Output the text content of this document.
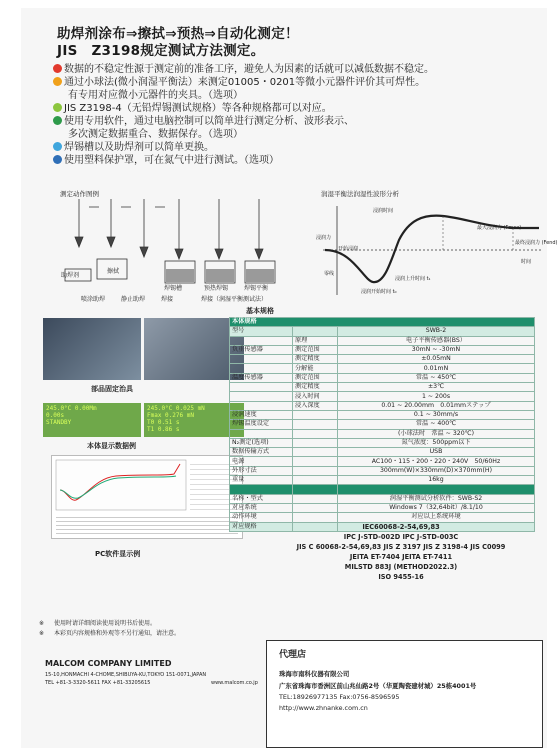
助焊剂涂布⇒擦拭⇒预热⇒自动化测定！
JIS　Z3198规定测试方法测定。
数据的不稳定性源于测定前的准备工序，避免人为因素的话就可以减低数据不稳定。
通过小球法(微小润湿平衡法）来测定01005・0201等微小元器件评价其可焊性。
有专用对应微小元器件的夹具。（选项）
JIS Z3198-4（无铅焊锡测试规格）等各种规格都可以对应。
使用专用软件，通过电脑控制可以简单进行测定分析、波形表示、
多次测定数据重合、数据保存。（选项）
焊锡槽以及助焊剂可以简单更换。
使用塑料保护罩，可在氮气中进行测试。（选项）
测定动作图例
助焊剂
擦拭
焊锡槽	预热焊锡	焊锡平衡
喷涂助焊	静止助焊	焊接	焊接（润湿平衡测试法）
润湿平衡法润湿性波形分析
浸润时间
最大浸润力 (Fmax)
最终浸润力 (Fend)
浸润力
开始浸润
零线
浸润开始时间 t₀
浸润上升时间 t₁
时间
基本规格
部品固定治具
245.0°C 0.00Mm
0.00s
STANDBY
245.0°C 0.025 mN
Fmax 0.276 mN
T0 0.51 s
T1 0.86 s
本体显示数据例
PC软件显示例
本体规格		
型号		SWB-2
	原理	电子平衡传感器(BS）
负重传感器	测定范围	30mN ~ -30mN
	测定精度	±0.05mN
	分解能	0.01mN
温度传感器	测定范围	常温 ~ 450℃
	测定精度	±3℃
	浸入时间	1 ~ 200s
	浸入深度	0.01 ~ 20.00mm　0.01mmステップ
浸润速度		0.1 ~ 30mm/s
焊锡温度设定		常温 ~ 400℃
		(小球法时　常温 ~ 320℃)
N₂测定(选项)		氮气浓度：500ppm以下
数据传输方式		USB
电源		AC100・115・200・220・240V　50/60Hz
外形寸法		300mm(W)×330mm(D)×370mm(H)
重量		16kg

名称・型式		润湿平衡测试分析软件：SWB-S2
对应系统		Windows 7（32,64bit）/8.1/10
动作环境		对应以上系统环境
对应规格			IEC60068-2-54,69,83
IPC J-STD-002D IPC J-STD-003C
JIS C 60068-2-54,69,83 JIS Z 3197 JIS Z 3198-4 JIS C0099
JEITA ET-7404 JEITA ET-7411
MILSTD 883J (METHOD2022.3)
ISO 9455-16
※ 使用时请详细阅读使用说明书后使用。
※ 本彩页内容规格和外观等不另行通知，请注意。
MALCOM COMPANY LIMITED
15-10,HONMACHI 4-CHOME,SHIBUYA-KU,TOKYO 151-0071,JAPAN
TEL +81-3-3320-5611 FAX +81-33205615	www.malcom.co.jp
代理店
珠海市南科仪器有限公司
广东省珠海市香洲区前山兆仙路2号（华夏陶瓷建材城）25栋4001号
TEL:18926977135 Fax:0756-8596595
http://www.zhnanke.com.cn
